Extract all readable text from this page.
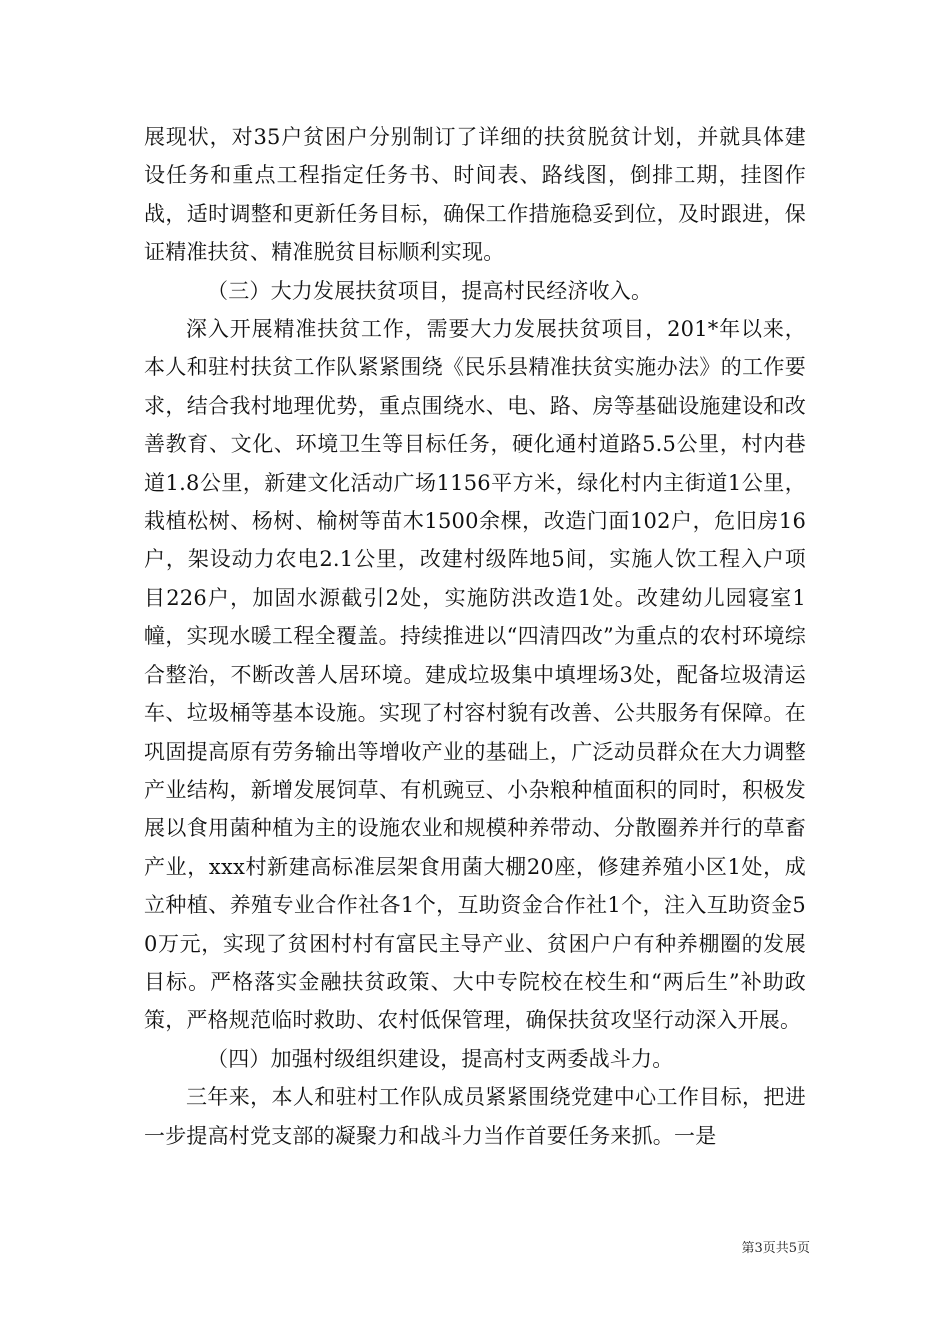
展现状，对35户贫困户分别制订了详细的扶贫脱贫计划，并就具体建设任务和重点工程指定任务书、时间表、路线图，倒排工期，挂图作战，适时调整和更新任务目标，确保工作措施稳妥到位，及时跟进，保证精准扶贫、精准脱贫目标顺利实现。

（三）大力发展扶贫项目，提高村民经济收入。

深入开展精准扶贫工作，需要大力发展扶贫项目，201*年以来，本人和驻村扶贫工作队紧紧围绕《民乐县精准扶贫实施办法》的工作要求，结合我村地理优势，重点围绕水、电、路、房等基础设施建设和改善教育、文化、环境卫生等目标任务，硬化通村道路5.5公里，村内巷道1.8公里，新建文化活动广场1156平方米，绿化村内主街道1公里，栽植松树、杨树、榆树等苗木1500余棵，改造门面102户，危旧房16户，架设动力农电2.1公里，改建村级阵地5间，实施人饮工程入户项目226户，加固水源截引2处，实施防洪改造1处。改建幼儿园寝室1幢，实现水暖工程全覆盖。持续推进以“四清四改”为重点的农村环境综合整治，不断改善人居环境。建成垃圾集中填埋场3处，配备垃圾清运车、垃圾桶等基本设施。实现了村容村貌有改善、公共服务有保障。在巩固提高原有劳务输出等增收产业的基础上，广泛动员群众在大力调整产业结构，新增发展饲草、有机豌豆、小杂粮种植面积的同时，积极发展以食用菌种植为主的设施农业和规模种养带动、分散圈养并行的草畜产业，xxx村新建高标准层架食用菌大棚20座，修建养殖小区1处，成立种植、养殖专业合作社各1个，互助资金合作社1个，注入互助资金50万元，实现了贫困村村有富民主导产业、贫困户户有种养棚圈的发展目标。严格落实金融扶贫政策、大中专院校在校生和“两后生”补助政策，严格规范临时救助、农村低保管理，确保扶贫攻坚行动深入开展。

（四）加强村级组织建设，提高村支两委战斗力。

三年来，本人和驻村工作队成员紧紧围绕党建中心工作目标，把进一步提高村党支部的凝聚力和战斗力当作首要任务来抓。一是

第3页共5页
